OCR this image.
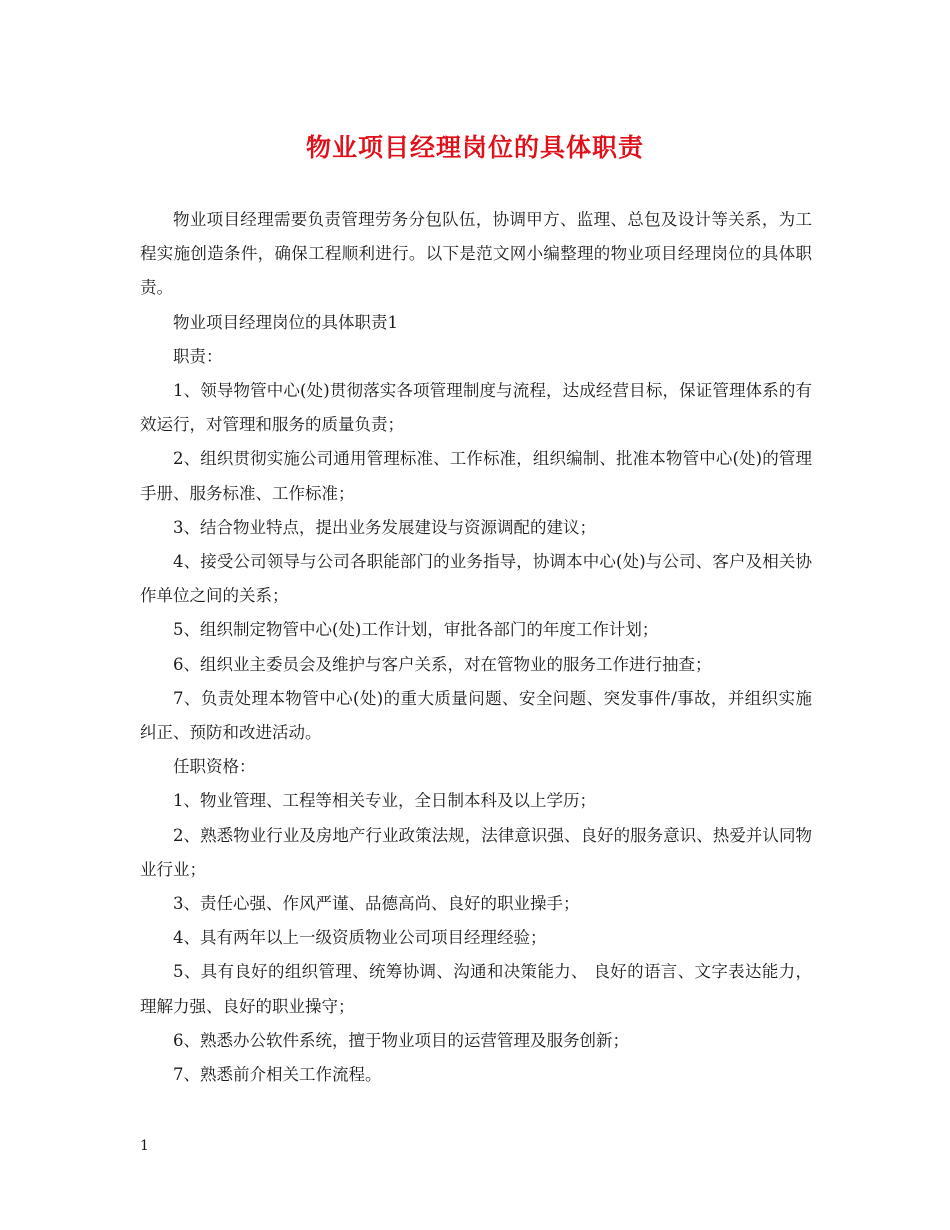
物业项目经理岗位的具体职责

物业项目经理需要负责管理劳务分包队伍，协调甲方、监理、总包及设计等关系，为工程实施创造条件，确保工程顺利进行。以下是范文网小编整理的物业项目经理岗位的具体职责。

物业项目经理岗位的具体职责1

职责：

1、领导物管中心(处)贯彻落实各项管理制度与流程，达成经营目标，保证管理体系的有效运行，对管理和服务的质量负责；

2、组织贯彻实施公司通用管理标准、工作标准，组织编制、批准本物管中心(处)的管理手册、服务标准、工作标准；

3、结合物业特点，提出业务发展建设与资源调配的建议；

4、接受公司领导与公司各职能部门的业务指导，协调本中心(处)与公司、客户及相关协作单位之间的关系；

5、组织制定物管中心(处)工作计划，审批各部门的年度工作计划；

6、组织业主委员会及维护与客户关系，对在管物业的服务工作进行抽查；

7、负责处理本物管中心(处)的重大质量问题、安全问题、突发事件/事故，并组织实施纠正、预防和改进活动。

任职资格：

1、物业管理、工程等相关专业，全日制本科及以上学历；

2、熟悉物业行业及房地产行业政策法规，法律意识强、良好的服务意识、热爱并认同物业行业；

3、责任心强、作风严谨、品德高尚、良好的职业操手；

4、具有两年以上一级资质物业公司项目经理经验；

5、具有良好的组织管理、统筹协调、沟通和决策能力、 良好的语言、文字表达能力，理解力强、良好的职业操守；

6、熟悉办公软件系统，擅于物业项目的运营管理及服务创新；

7、熟悉前介相关工作流程。

1
